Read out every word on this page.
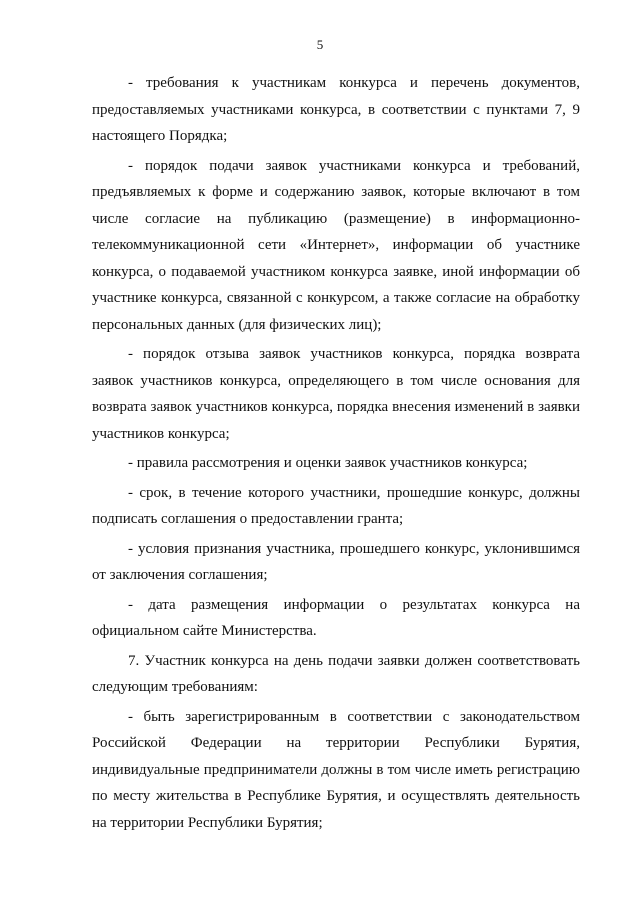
5

- требования к участникам конкурса и перечень документов, предоставляемых участниками конкурса, в соответствии с пунктами 7, 9 настоящего Порядка;

- порядок подачи заявок участниками конкурса и требований, предъявляемых к форме и содержанию заявок, которые включают в том числе согласие на публикацию (размещение) в информационно-телекоммуникационной сети «Интернет», информации об участнике конкурса, о подаваемой участником конкурса заявке, иной информации об участнике конкурса, связанной с конкурсом, а также согласие на обработку персональных данных (для физических лиц);

- порядок отзыва заявок участников конкурса, порядка возврата заявок участников конкурса, определяющего в том числе основания для возврата заявок участников конкурса, порядка внесения изменений в заявки участников конкурса;

- правила рассмотрения и оценки заявок участников конкурса;

- срок, в течение которого участники, прошедшие конкурс, должны подписать соглашения о предоставлении гранта;

- условия признания участника, прошедшего конкурс, уклонившимся от заключения соглашения;

- дата размещения информации о результатах конкурса на официальном сайте Министерства.

7. Участник конкурса на день подачи заявки должен соответствовать следующим требованиям:

- быть зарегистрированным в соответствии с законодательством Российской Федерации на территории Республики Бурятия, индивидуальные предприниматели должны в том числе иметь регистрацию по месту жительства в Республике Бурятия, и осуществлять деятельность на территории Республики Бурятия;
